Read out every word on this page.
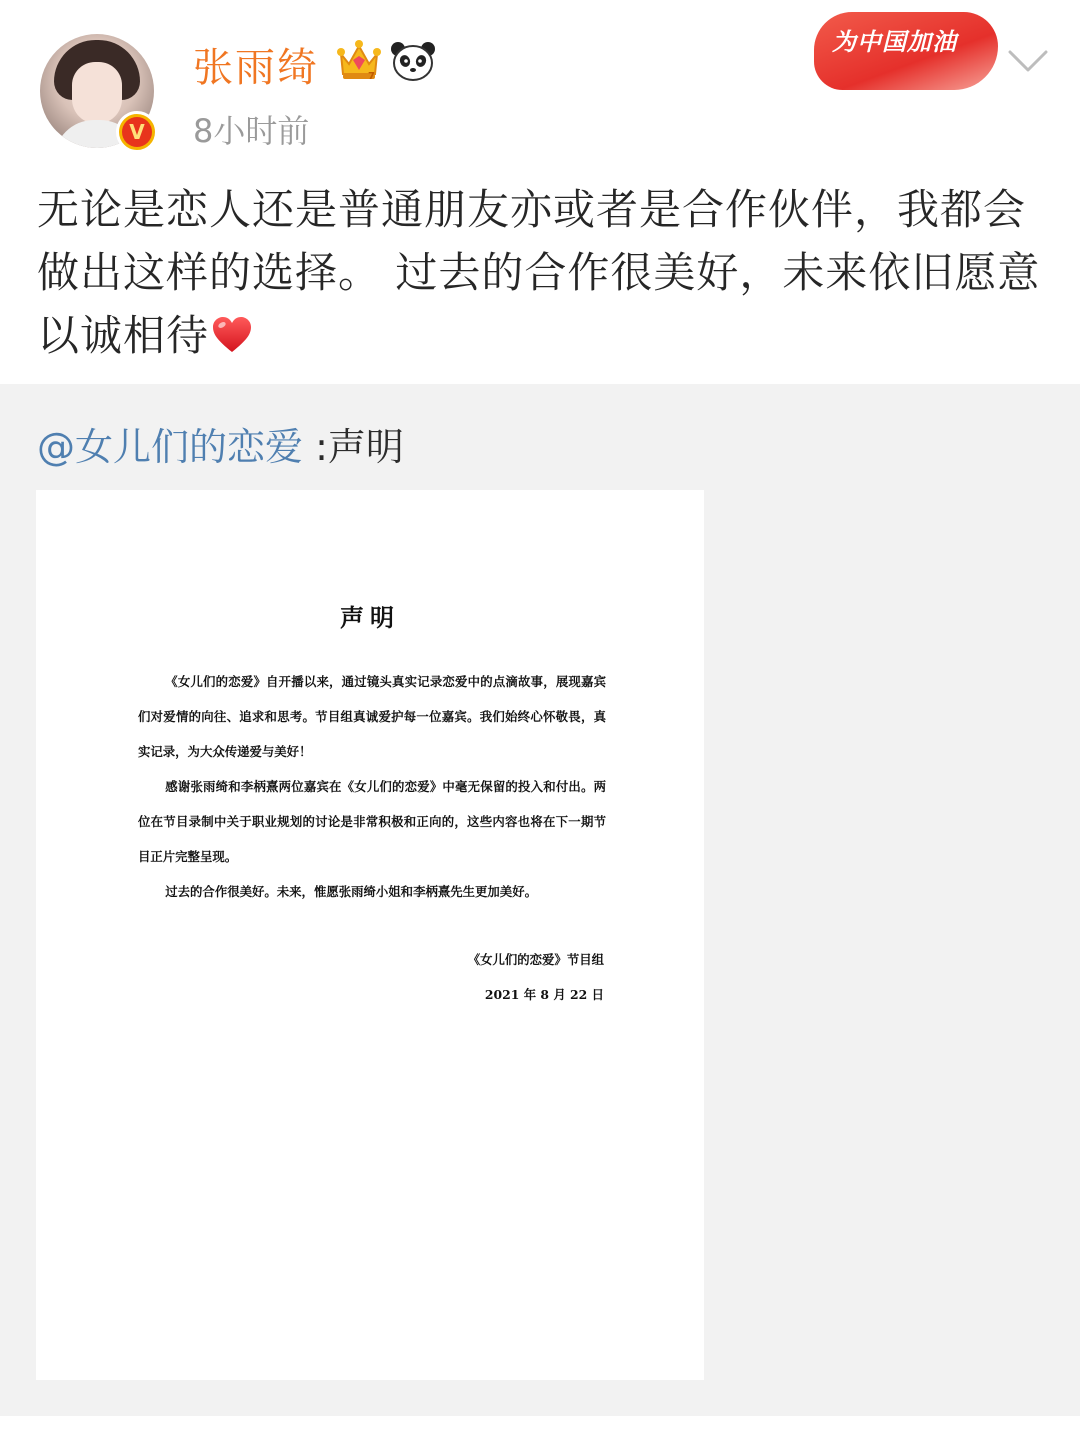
V
张雨绮	7
8小时前
为中国加油
无论是恋人还是普通朋友亦或者是合作伙伴，我都会做出这样的选择。 过去的合作很美好，未来依旧愿意以诚相待
@女儿们的恋爱 :声明
声明

《女儿们的恋爱》自开播以来，通过镜头真实记录恋爱中的点滴故事，展现嘉宾们对爱情的向往、追求和思考。节目组真诚爱护每一位嘉宾。我们始终心怀敬畏，真实记录，为大众传递爱与美好！

感谢张雨绮和李柄熹两位嘉宾在《女儿们的恋爱》中毫无保留的投入和付出。两位在节目录制中关于职业规划的讨论是非常积极和正向的，这些内容也将在下一期节目正片完整呈现。

过去的合作很美好。未来，惟愿张雨绮小姐和李柄熹先生更加美好。

《女儿们的恋爱》节目组
2021 年 8 月 22 日
